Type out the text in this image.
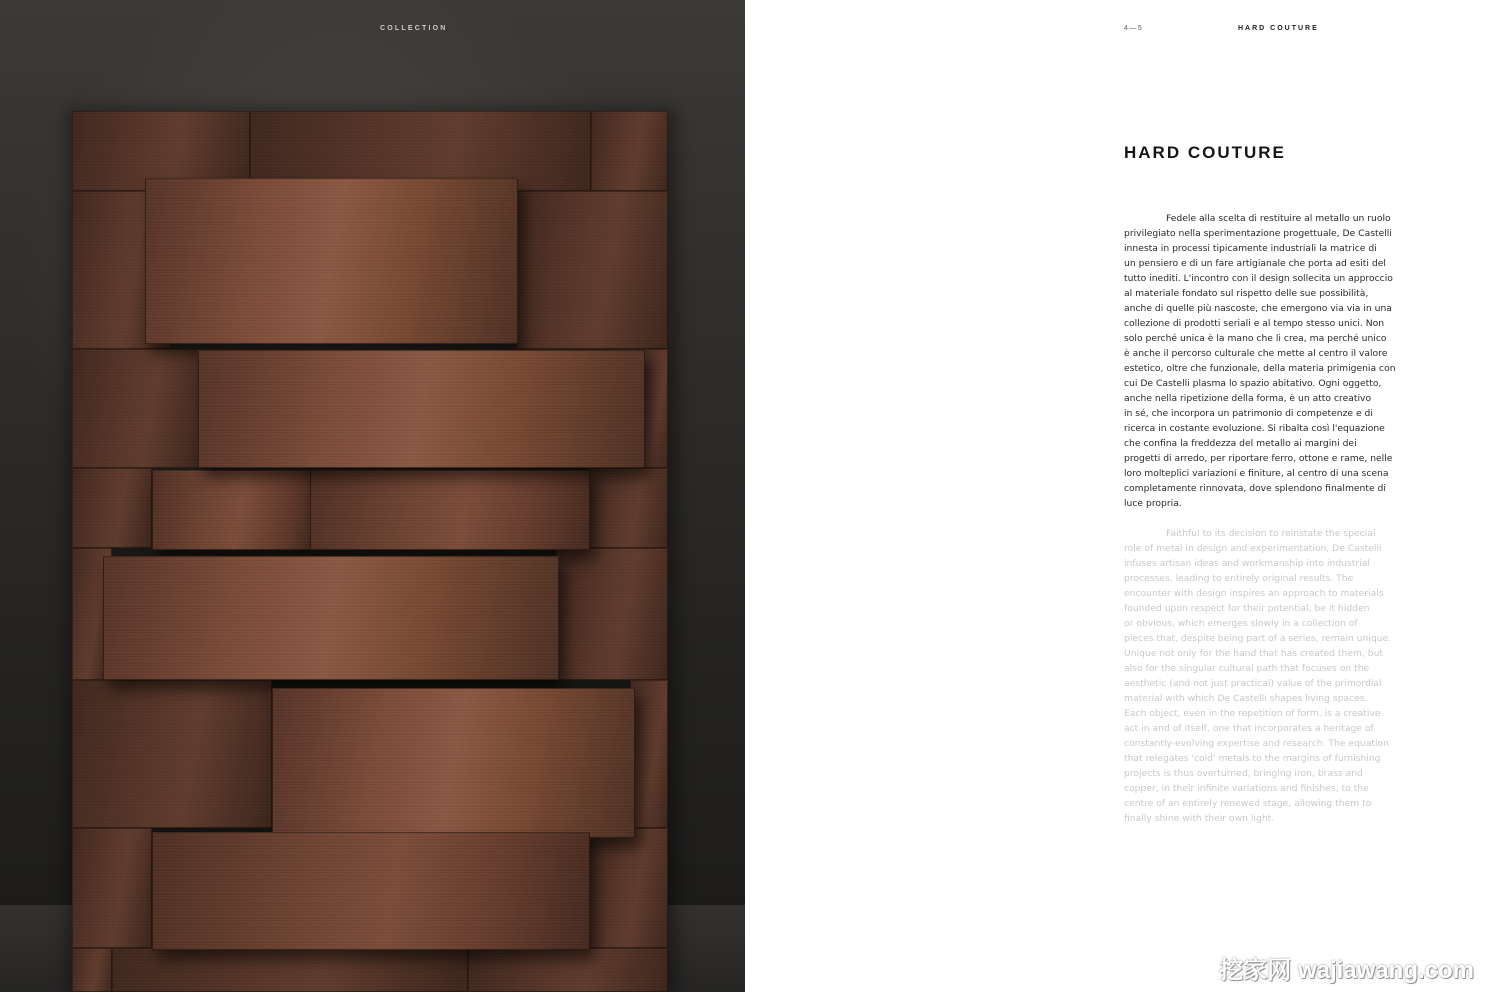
COLLECTION	4—5	HARD COUTURE
HARD COUTURE
Fedele alla scelta di restituire al metallo un ruolo
privilegiato nella sperimentazione progettuale, De Castelli
innesta in processi tipicamente industriali la matrice di
un pensiero e di un fare artigianale che porta ad esiti del
tutto inediti. L'incontro con il design sollecita un approccio
al materiale fondato sul rispetto delle sue possibilità,
anche di quelle più nascoste, che emergono via via in una
collezione di prodotti seriali e al tempo stesso unici. Non
solo perché unica è la mano che li crea, ma perché unico
è anche il percorso culturale che mette al centro il valore
estetico, oltre che funzionale, della materia primigenia con
cui De Castelli plasma lo spazio abitativo. Ogni oggetto,
anche nella ripetizione della forma, è un atto creativo
in sé, che incorpora un patrimonio di competenze e di
ricerca in costante evoluzione. Si ribalta così l'equazione
che confina la freddezza del metallo ai margini dei
progetti di arredo, per riportare ferro, ottone e rame, nelle
loro molteplici variazioni e finiture, al centro di una scena
completamente rinnovata, dove splendono finalmente di
luce propria.
Faithful to its decision to reinstate the special
role of metal in design and experimentation, De Castelli
infuses artisan ideas and workmanship into industrial
processes, leading to entirely original results. The
encounter with design inspires an approach to materials
founded upon respect for their potential, be it hidden
or obvious, which emerges slowly in a collection of
pieces that, despite being part of a series, remain unique.
Unique not only for the hand that has created them, but
also for the singular cultural path that focuses on the
aesthetic (and not just practical) value of the primordial
material with which De Castelli shapes living spaces.
Each object, even in the repetition of form, is a creative
act in and of itself, one that incorporates a heritage of
constantly-evolving expertise and research. The equation
that relegates 'cold' metals to the margins of furnishing
projects is thus overturned, bringing iron, brass and
copper, in their infinite variations and finishes, to the
centre of an entirely renewed stage, allowing them to
finally shine with their own light.
挖家网 wajiawang.com
